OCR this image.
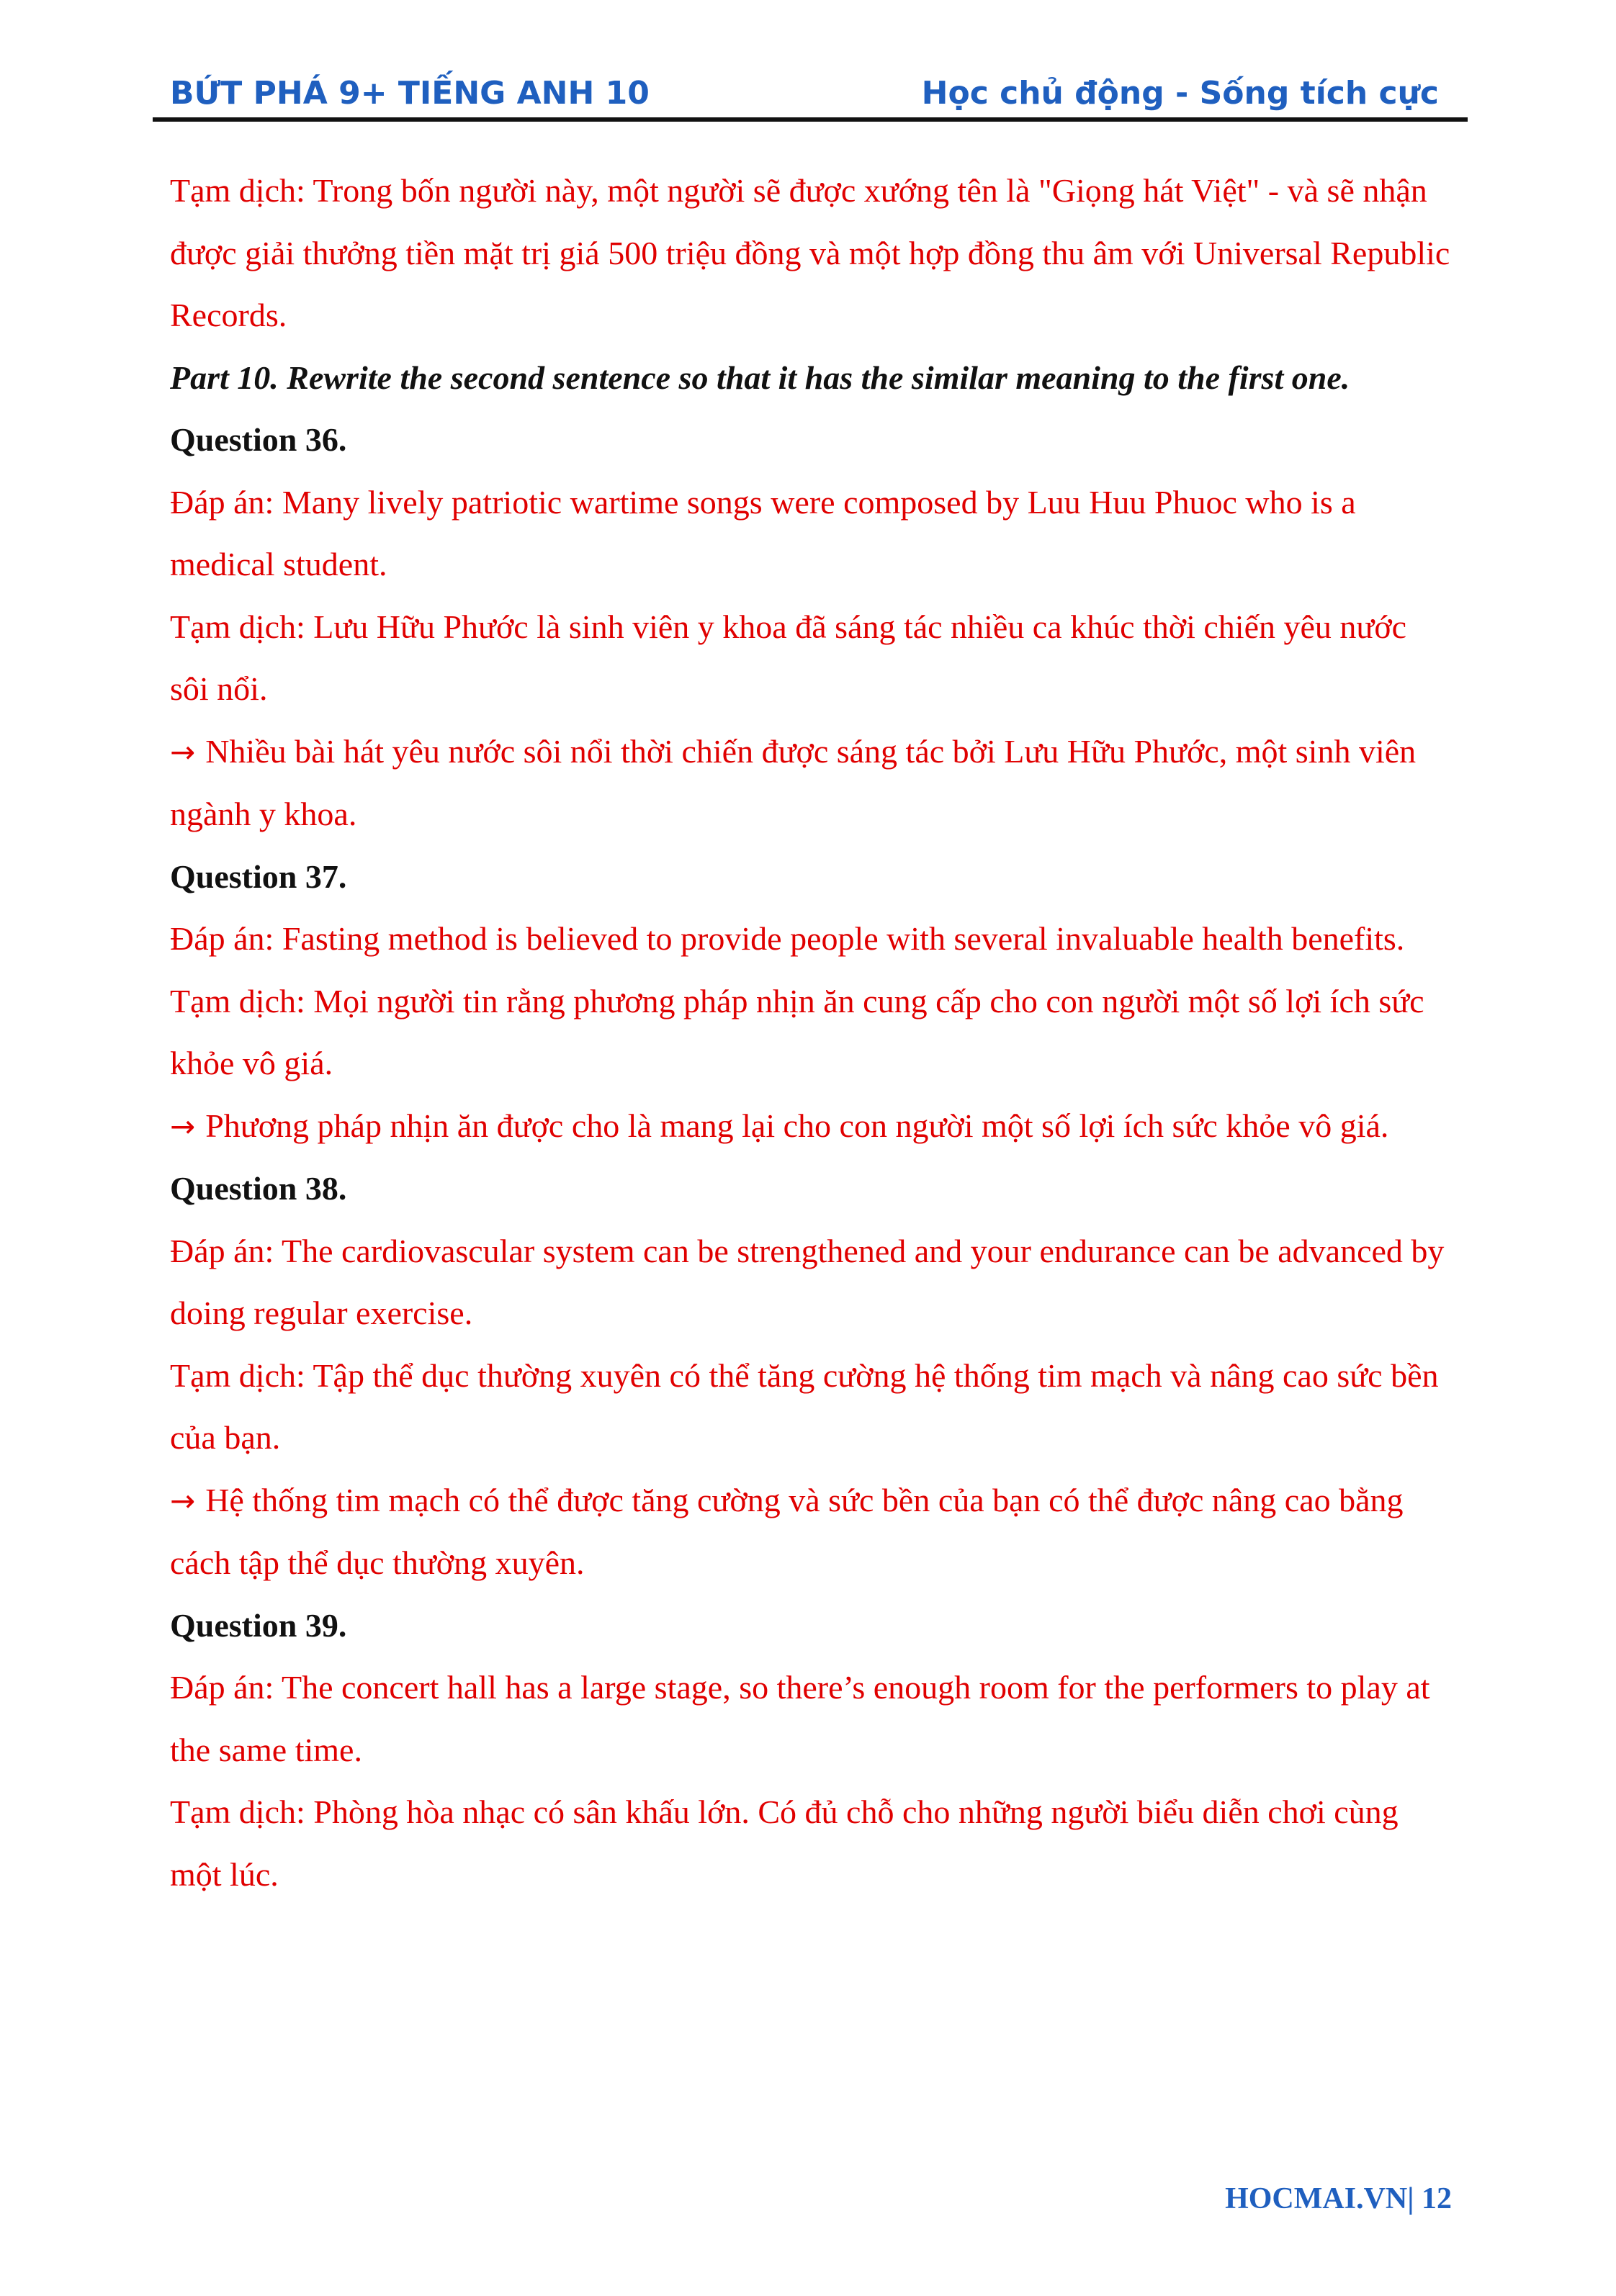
BỨT PHÁ 9+ TIẾNG ANH 10	Học chủ động - Sống tích cực

Tạm dịch: Trong bốn người này, một người sẽ được xướng tên là "Giọng hát Việt" - và sẽ nhận được giải thưởng tiền mặt trị giá 500 triệu đồng và một hợp đồng thu âm với Universal Republic Records.

Part 10. Rewrite the second sentence so that it has the similar meaning to the first one.

Question 36.

Đáp án: Many lively patriotic wartime songs were composed by Luu Huu Phuoc who is a medical student.

Tạm dịch: Lưu Hữu Phước là sinh viên y khoa đã sáng tác nhiều ca khúc thời chiến yêu nước sôi nổi.

→ Nhiều bài hát yêu nước sôi nổi thời chiến được sáng tác bởi Lưu Hữu Phước, một sinh viên ngành y khoa.

Question 37.

Đáp án: Fasting method is believed to provide people with several invaluable health benefits.

Tạm dịch: Mọi người tin rằng phương pháp nhịn ăn cung cấp cho con người một số lợi ích sức khỏe vô giá.

→ Phương pháp nhịn ăn được cho là mang lại cho con người một số lợi ích sức khỏe vô giá.

Question 38.

Đáp án: The cardiovascular system can be strengthened and your endurance can be advanced by doing regular exercise.

Tạm dịch: Tập thể dục thường xuyên có thể tăng cường hệ thống tim mạch và nâng cao sức bền của bạn.

→ Hệ thống tim mạch có thể được tăng cường và sức bền của bạn có thể được nâng cao bằng cách tập thể dục thường xuyên.

Question 39.

Đáp án: The concert hall has a large stage, so there’s enough room for the performers to play at the same time.

Tạm dịch: Phòng hòa nhạc có sân khấu lớn. Có đủ chỗ cho những người biểu diễn chơi cùng một lúc.

HOCMAI.VN| 12
